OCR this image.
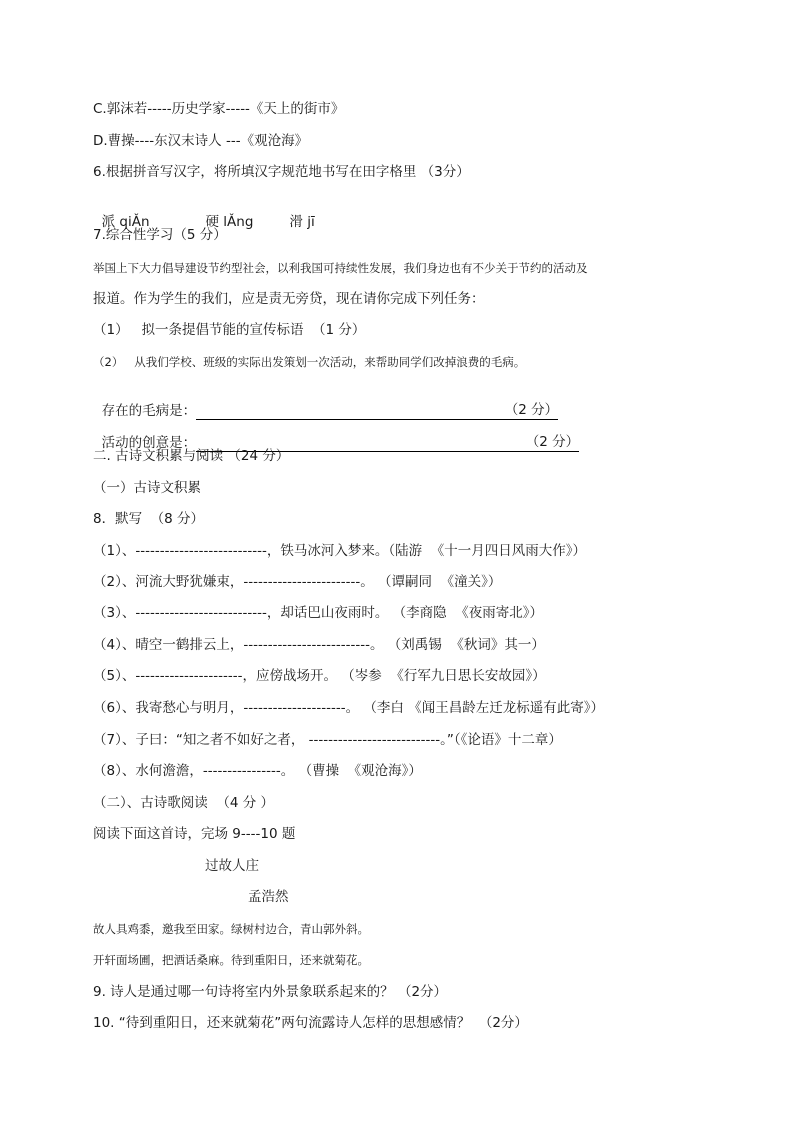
C.郭沫若-----历史学家-----《天上的街市》
D.曹操----东汉末诗人 ---《观沧海》
6.根据拼音写汉字，将所填汉字规范地书写在田字格里 （3分）

派 qiǍn	硬 lǍng	滑 jī

7.综合性学习（5 分）
举国上下大力倡导建设节约型社会，以利我国可持续性发展，我们身边也有不少关于节约的活动及
报道。作为学生的我们，应是责无旁贷，现在请你完成下列任务：
（1）   拟一条提倡节能的宣传标语  （1 分）
（2）   从我们学校、班级的实际出发策划一次活动，来帮助同学们改掉浪费的毛病。

存在的毛病是：	（2 分）

活动的创意是：	（2 分）

二. 古诗文积累与阅读 （24 分）
（一）古诗文积累
8．默写  （8 分）
（1）、---------------------------，铁马冰河入梦来。（陆游  《十一月四日风雨大作》）
（2）、河流大野犹嫌束，------------------------。 （谭嗣同  《潼关》）
（3）、---------------------------，却话巴山夜雨时。 （李商隐  《夜雨寄北》）
（4）、晴空一鹤排云上，--------------------------。 （刘禹锡  《秋词》其一）
（5）、----------------------，应傍战场开。 （岑参  《行军九日思长安故园》）
（6）、我寄愁心与明月，---------------------。 （李白 《闻王昌龄左迁龙标遥有此寄》）
（7）、子曰：“知之者不如好之者， ---------------------------。”（《论语》十二章）
（8）、水何澹澹，----------------。 （曹操  《观沧海》）
（二）、古诗歌阅读  （4 分 ）
阅读下面这首诗，完场 9----10 题
过故人庄
孟浩然
故人具鸡黍，邀我至田家。绿树村边合，青山郭外斜。
开轩面场圃，把酒话桑麻。待到重阳日，还来就菊花。
9. 诗人是通过哪一句诗将室内外景象联系起来的？ （2分）
10. “待到重阳日，还来就菊花”两句流露诗人怎样的思想感情？  （2分）
